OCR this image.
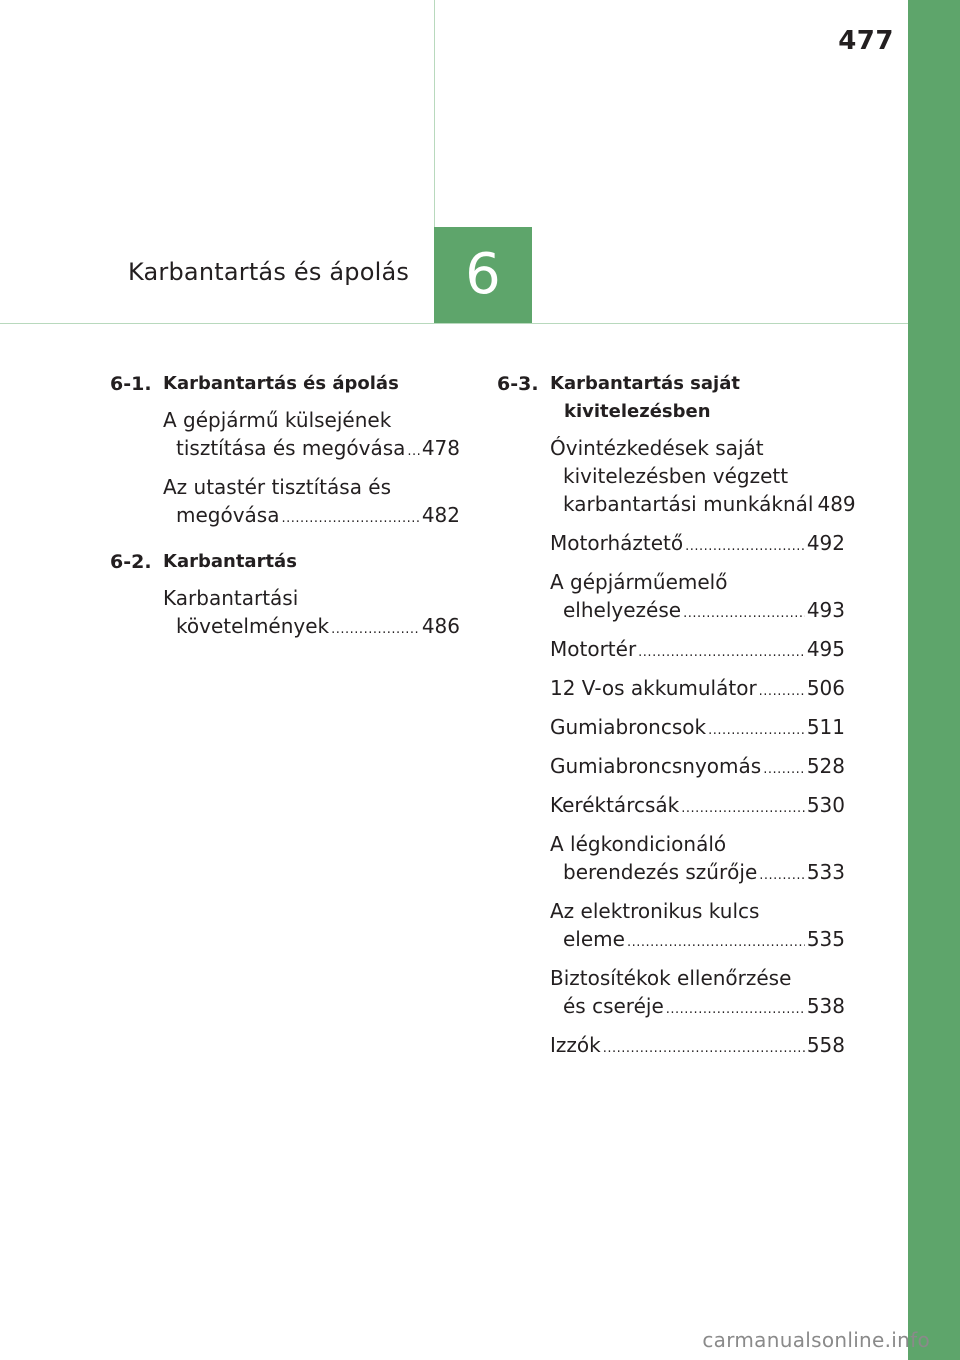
477
Karbantartás és ápolás	6
6-1. Karbantartás és ápolás
A gépjármű külsejének
tisztítása és megóvása ..... 478
Az utastér tisztítása és
megóvása .....	482
6-2. Karbantartás
Karbantartási
követelmények .....	486
6-3. Karbantartás saját
kivitelezésben
Óvintézkedések saját
kivitelezésben végzett
karbantartási munkáknál 489
Motorháztető .....	492
A gépjárműemelő
elhelyezése .....	493
Motortér .....	495
12 V-os akkumulátor .....	506
Gumiabroncsok .....	511
Gumiabroncsnyomás ..... 528
Keréktárcsák .....	530
A légkondicionáló
berendezés szűrője ..... 533
Az elektronikus kulcs
eleme .....	535
Biztosítékok ellenőrzése
és cseréje .....	538
Izzók .....	558
carmanualsonline.info
